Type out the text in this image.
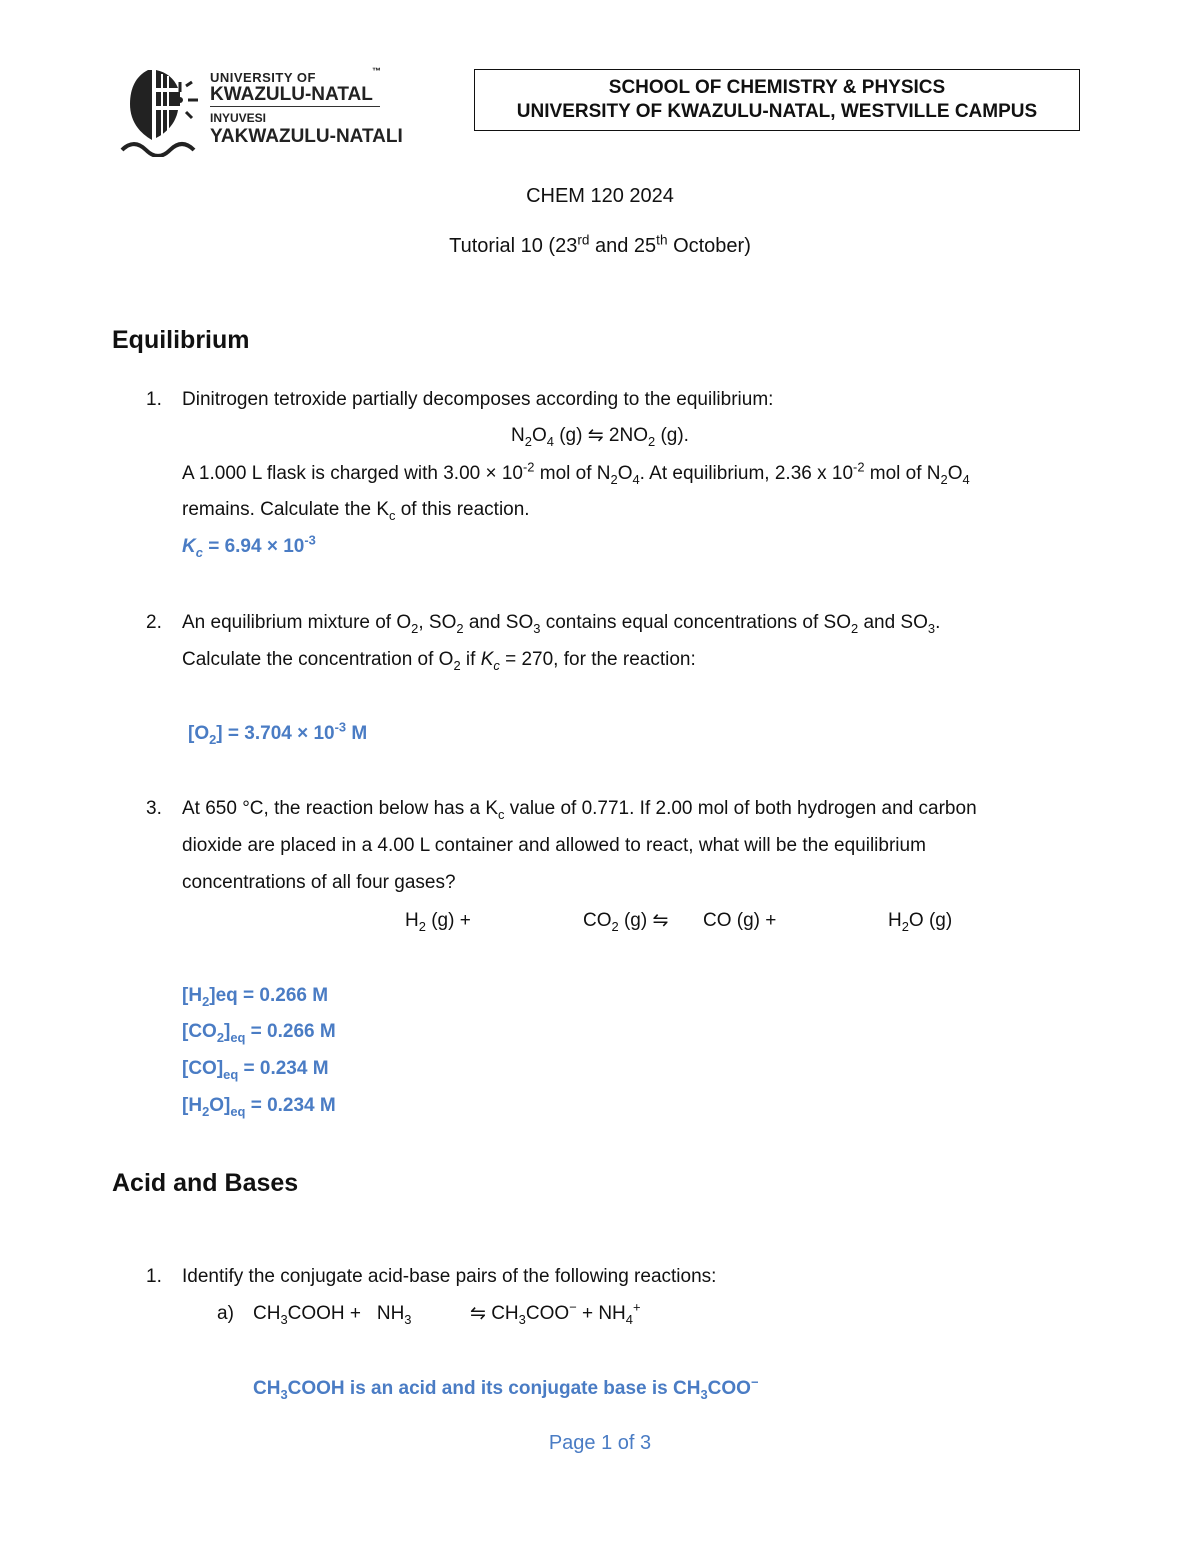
UNIVERSITY OF	™
KWAZULU-NATAL
INYUVESI
YAKWAZULU-NATALI
SCHOOL OF CHEMISTRY & PHYSICS
UNIVERSITY OF KWAZULU-NATAL, WESTVILLE CAMPUS
CHEM 120 2024
Tutorial 10 (23rd and 25th October)
Equilibrium
1. Dinitrogen tetroxide partially decomposes according to the equilibrium:
$N_2O_4$ (g) ⇋ $2NO_2$ (g).
A 1.000 L flask is charged with $3.00 \times 10^{-2}$ mol of $N_2O_4$. At equilibrium, 2.36 x $10^{-2}$ mol of $N_2O_4$
remains. Calculate the $K_c$ of this reaction.
$K_c = 6.94 \times 10^{-3}$
2. An equilibrium mixture of $O_2$, $SO_2$ and $SO_3$ contains equal concentrations of $SO_2$ and $SO_3$.
Calculate the concentration of $O_2$ if $K_c = 270$, for the reaction:
$[O_2] = 3.704 \times 10^{-3}$ M
3. At 650 °C, the reaction below has a $K_c$ value of 0.771. If 2.00 mol of both hydrogen and carbon
dioxide are placed in a 4.00 L container and allowed to react, what will be the equilibrium
concentrations of all four gases?
$H_2$ (g) +	$CO_2$ (g) ⇋ CO (g) +	$H_2O$ (g)
$[H_2]eq = 0.266$ M
$[CO_2]_{eq} = 0.266$ M
$[CO]_{eq} = 0.234$ M
$[H_2O]_{eq} = 0.234$ M
Acid and Bases
1. Identify the conjugate acid-base pairs of the following reactions:
a) $CH_3COOH + NH_3$	⇋ $CH_3COO^- + NH_4^+$
$CH_3COOH$ is an acid and its conjugate base is $CH_3COO^-$
Page 1 of 3
